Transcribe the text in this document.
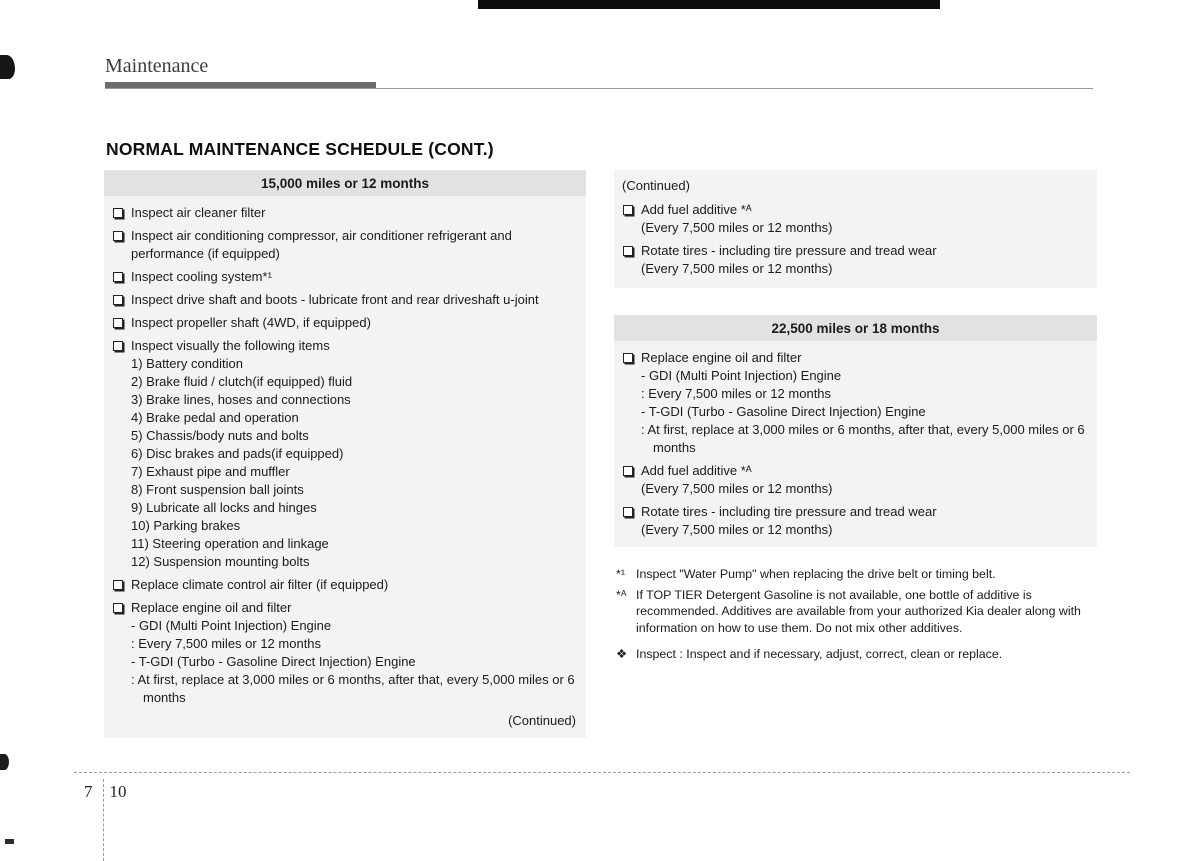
Maintenance
NORMAL MAINTENANCE SCHEDULE (CONT.)
15,000 miles or 12 months
Inspect air cleaner filter
Inspect air conditioning compressor, air conditioner refrigerant and performance (if equipped)
Inspect cooling system*¹
Inspect drive shaft and boots - lubricate front and rear driveshaft u-joint
Inspect propeller shaft (4WD, if equipped)
Inspect visually the following items
1) Battery condition
2) Brake fluid / clutch(if equipped) fluid
3) Brake lines, hoses and connections
4) Brake pedal and operation
5) Chassis/body nuts and bolts
6) Disc brakes and pads(if equipped)
7) Exhaust pipe and muffler
8) Front suspension ball joints
9) Lubricate all locks and hinges
10) Parking brakes
11) Steering operation and linkage
12) Suspension mounting bolts
Replace climate control air filter (if equipped)
Replace engine oil and filter
- GDI (Multi Point Injection) Engine
: Every 7,500 miles or 12 months
- T-GDI (Turbo - Gasoline Direct Injection) Engine
: At first, replace at 3,000 miles or 6 months, after that, every 5,000 miles or 6 months
(Continued)
(Continued)
Add fuel additive *ᴬ
(Every 7,500 miles or 12 months)
Rotate tires - including tire pressure and tread wear
(Every 7,500 miles or 12 months)
22,500 miles or 18 months
Replace engine oil and filter
- GDI (Multi Point Injection) Engine
: Every 7,500 miles or 12 months
- T-GDI (Turbo - Gasoline Direct Injection) Engine
: At first, replace at 3,000 miles or 6 months, after that, every 5,000 miles or 6 months
Add fuel additive *ᴬ
(Every 7,500 miles or 12 months)
Rotate tires - including tire pressure and tread wear
(Every 7,500 miles or 12 months)
*¹ Inspect "Water Pump" when replacing the drive belt or timing belt.
*ᴬ If TOP TIER Detergent Gasoline is not available, one bottle of additive is recommended. Additives are available from your authorized Kia dealer along with information on how to use them. Do not mix other additives.
❖ Inspect : Inspect and if necessary, adjust, correct, clean or replace.
7 10
